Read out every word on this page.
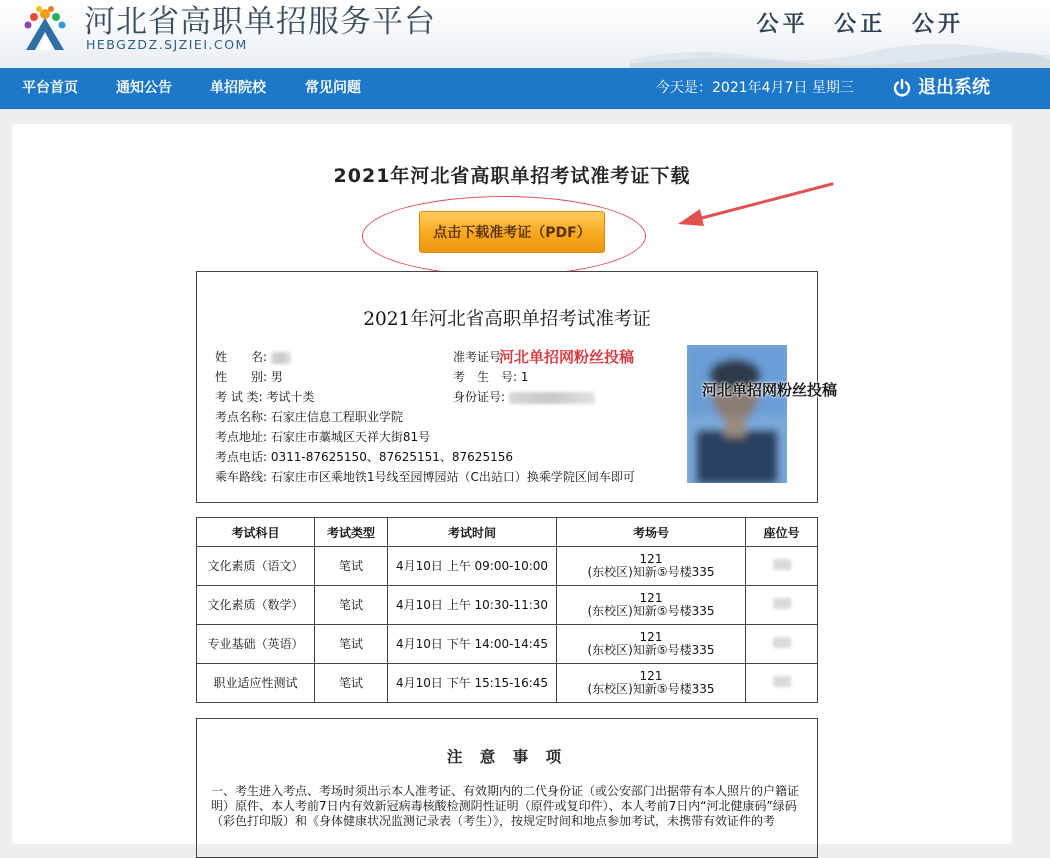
河北省高职单招服务平台
HEBGZDZ.SJZIEI.COM
公平 公正 公开
平台首页	通知公告	单招院校	常见问题	今天是：2021年4月7日 星期三	退出系统
2021年河北省高职单招考试准考证下载
点击下载准考证（PDF）
2021年河北省高职单招考试准考证
姓　　名:
性　　别: 男
考 试 类: 考试十类
考点名称: 石家庄信息工程职业学院
考点地址: 石家庄市藁城区天祥大街81号
考点电话: 0311-87625150、87625151、87625156
乘车路线: 石家庄市区乘地铁1号线至园博园站（C出站口）换乘学院区间车即可
准考证号
考　生　号: 1
身份证号:
河北单招网粉丝投稿
河北单招网粉丝投稿
考试科目	考试类型	考试时间	考场号	座位号
文化素质（语文）	笔试	4月10日 上午 09:00-10:00	121
(东校区)知新⑤号楼335	

文化素质（数学）	笔试	4月10日 上午 10:30-11:30	121
(东校区)知新⑤号楼335	

专业基础（英语）	笔试	4月10日 下午 14:00-14:45	121
(东校区)知新⑤号楼335	

职业适应性测试	笔试	4月10日 下午 15:15-16:45	121
(东校区)知新⑤号楼335	

注 意 事 项
一、考生进入考点、考场时须出示本人准考证、有效期内的二代身份证（或公安部门出据带有本人照片的户籍证明）原件、本人考前7日内有效新冠病毒核酸检测阴性证明（原件或复印件）、本人考前7日内“河北健康码”绿码（彩色打印版）和《身体健康状况监测记录表（考生）》，按规定时间和地点参加考试，未携带有效证件的考
